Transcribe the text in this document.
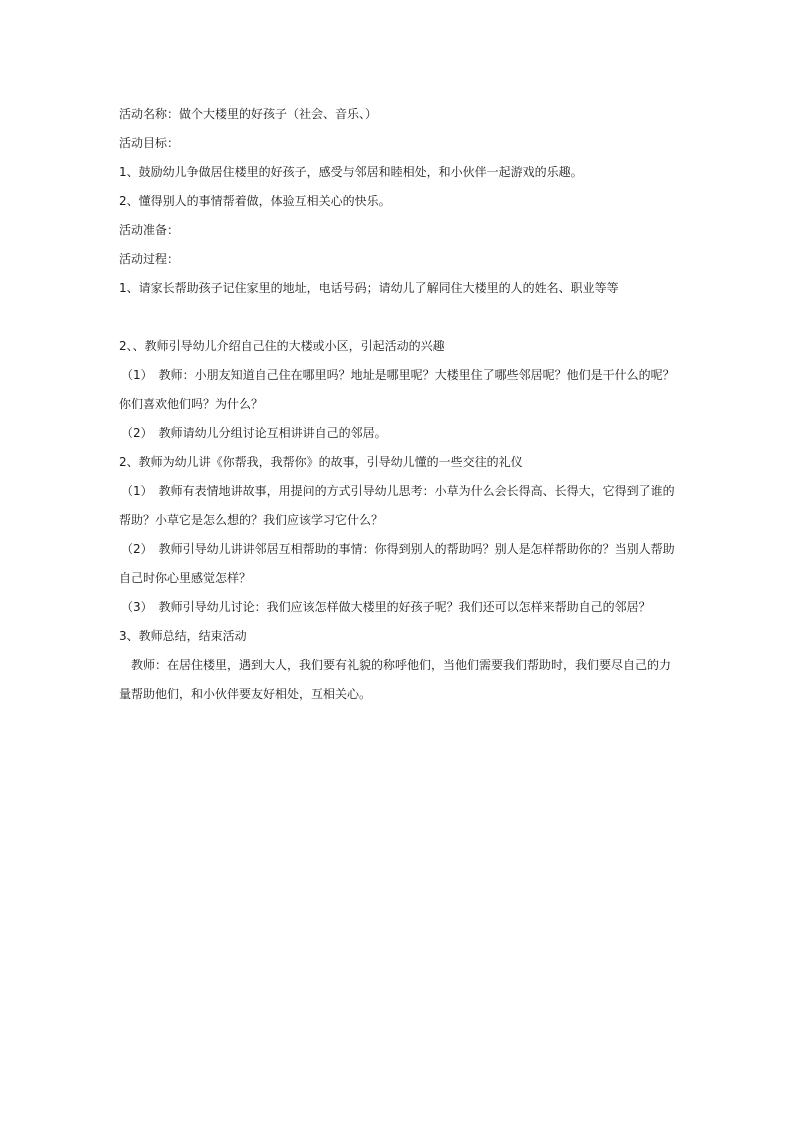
活动名称：做个大楼里的好孩子（社会、音乐、）
活动目标：
1、鼓励幼儿争做居住楼里的好孩子，感受与邻居和睦相处，和小伙伴一起游戏的乐趣。
2、懂得别人的事情帮着做，体验互相关心的快乐。
活动准备：
活动过程：
1、请家长帮助孩子记住家里的地址，电话号码；请幼儿了解同住大楼里的人的姓名、职业等等
2、、教师引导幼儿介绍自己住的大楼或小区，引起活动的兴趣
（1）　教师：小朋友知道自己住在哪里吗？地址是哪里呢？大楼里住了哪些邻居呢？他们是干什么的呢？
你们喜欢他们吗？为什么？
（2）　教师请幼儿分组讨论互相讲讲自己的邻居。
2、教师为幼儿讲《你帮我，我帮你》的故事，引导幼儿懂的一些交往的礼仪
（1）　教师有表情地讲故事，用提问的方式引导幼儿思考：小草为什么会长得高、长得大，它得到了谁的
帮助？小草它是怎么想的？我们应该学习它什么？
（2）　教师引导幼儿讲讲邻居互相帮助的事情：你得到别人的帮助吗？别人是怎样帮助你的？当别人帮助
自己时你心里感觉怎样？
（3）　教师引导幼儿讨论：我们应该怎样做大楼里的好孩子呢？我们还可以怎样来帮助自己的邻居？
3、教师总结，结束活动
教师：在居住楼里，遇到大人，我们要有礼貌的称呼他们，当他们需要我们帮助时，我们要尽自己的力
量帮助他们，和小伙伴要友好相处，互相关心。
